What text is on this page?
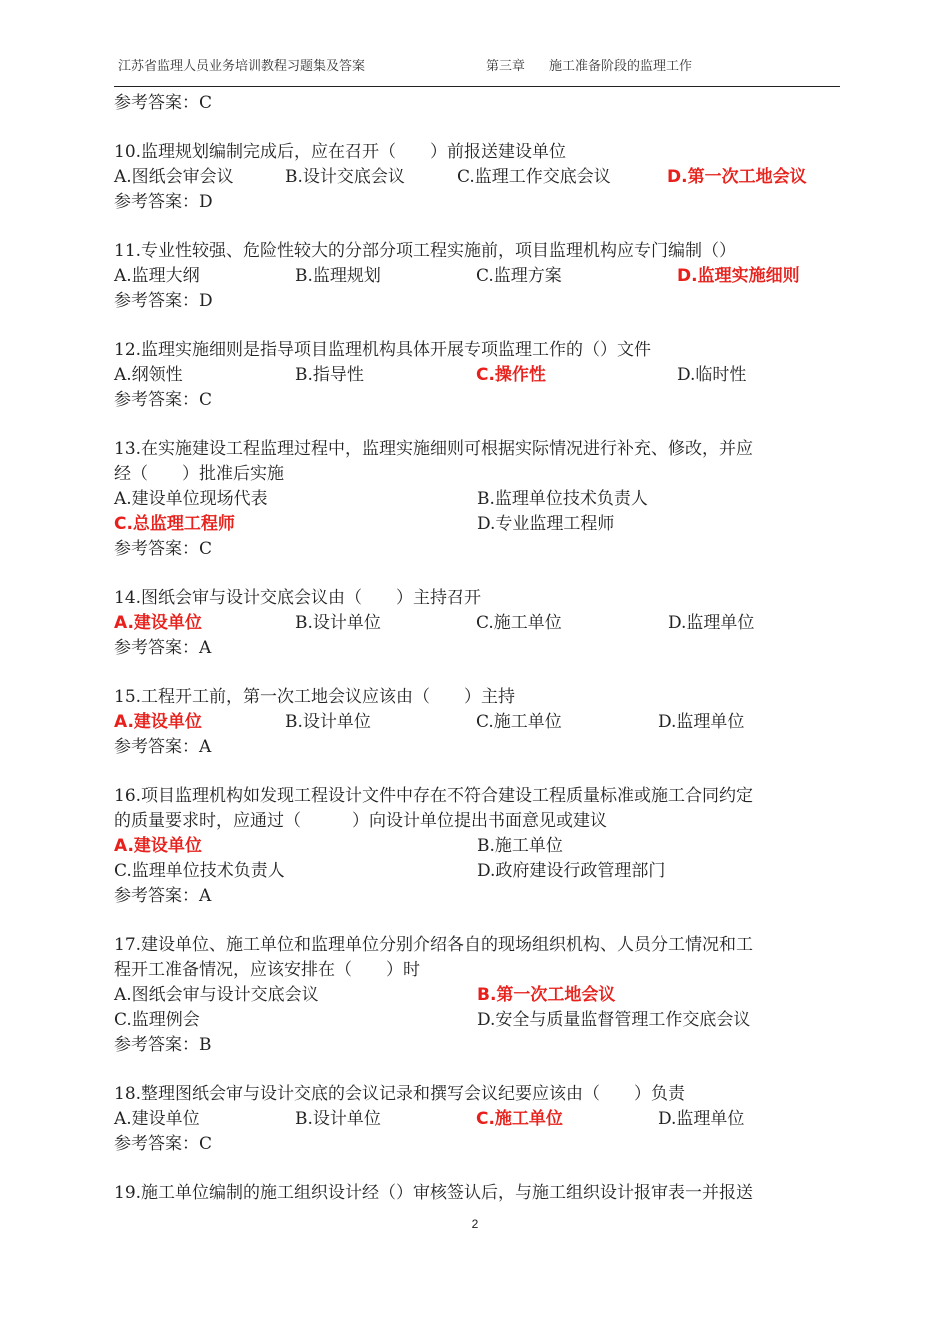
江苏省监理人员业务培训教程习题集及答案	第三章 施工准备阶段的监理工作
参考答案：C
10.监理规划编制完成后，应在召开（　　）前报送建设单位
A.图纸会审会议	B.设计交底会议	C.监理工作交底会议	D.第一次工地会议
参考答案：D
11.专业性较强、危险性较大的分部分项工程实施前，项目监理机构应专门编制（）
A.监理大纲	B.监理规划	C.监理方案	D.监理实施细则
参考答案：D
12.监理实施细则是指导项目监理机构具体开展专项监理工作的（）文件
A.纲领性	B.指导性	C.操作性	D.临时性
参考答案：C
13.在实施建设工程监理过程中，监理实施细则可根据实际情况进行补充、修改，并应
经（　　）批准后实施
A.建设单位现场代表	B.监理单位技术负责人
C.总监理工程师	D.专业监理工程师
参考答案：C
14.图纸会审与设计交底会议由（　　）主持召开
A.建设单位	B.设计单位	C.施工单位	D.监理单位
参考答案：A
15.工程开工前，第一次工地会议应该由（　　）主持
A.建设单位	B.设计单位	C.施工单位	D.监理单位
参考答案：A
16.项目监理机构如发现工程设计文件中存在不符合建设工程质量标准或施工合同约定
的质量要求时，应通过（　　　）向设计单位提出书面意见或建议
A.建设单位	B.施工单位
C.监理单位技术负责人	D.政府建设行政管理部门
参考答案：A
17.建设单位、施工单位和监理单位分别介绍各自的现场组织机构、人员分工情况和工
程开工准备情况，应该安排在（　　）时
A.图纸会审与设计交底会议	B.第一次工地会议
C.监理例会	D.安全与质量监督管理工作交底会议
参考答案：B
18.整理图纸会审与设计交底的会议记录和撰写会议纪要应该由（　　）负责
A.建设单位	B.设计单位	C.施工单位	D.监理单位
参考答案：C
19.施工单位编制的施工组织设计经（）审核签认后，与施工组织设计报审表一并报送
2
